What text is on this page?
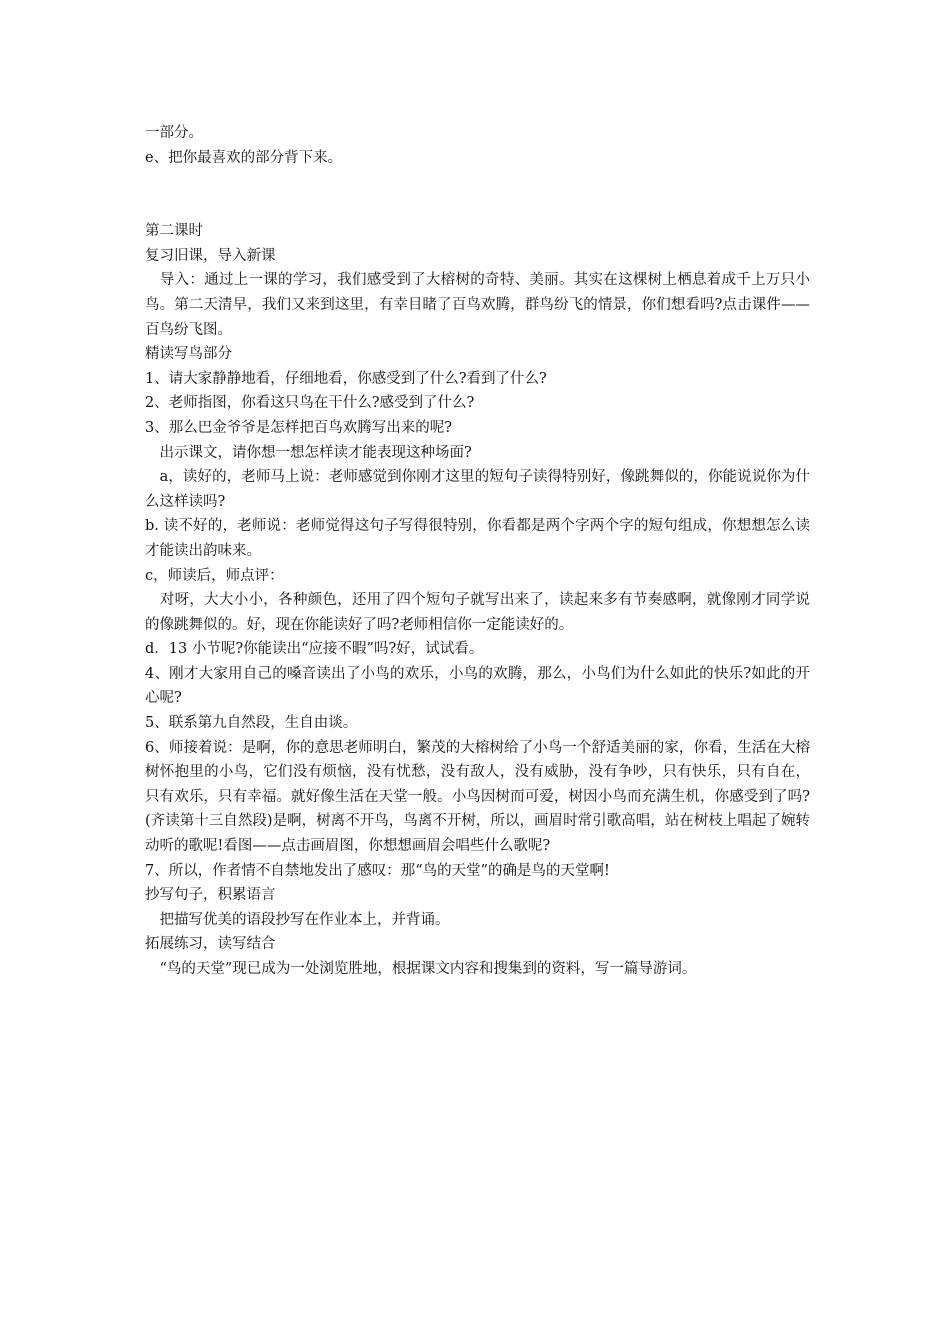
一部分。
e、把你最喜欢的部分背下来。
第二课时
复习旧课，导入新课
　导入：通过上一课的学习，我们感受到了大榕树的奇特、美丽。其实在这棵树上栖息着成千上万只小鸟。第二天清早，我们又来到这里，有幸目睹了百鸟欢腾，群鸟纷飞的情景，你们想看吗?点击课件——百鸟纷飞图。
精读写鸟部分
1、请大家静静地看，仔细地看，你感受到了什么?看到了什么?
2、老师指图，你看这只鸟在干什么?感受到了什么?
3、那么巴金爷爷是怎样把百鸟欢腾写出来的呢?
　出示课文，请你想一想怎样读才能表现这种场面?
　a，读好的，老师马上说：老师感觉到你刚才这里的短句子读得特别好，像跳舞似的，你能说说你为什么这样读吗?
b. 读不好的，老师说：老师觉得这句子写得很特别，你看都是两个字两个字的短句组成，你想想怎么读才能读出韵味来。
c，师读后，师点评：
　对呀，大大小小，各种颜色，还用了四个短句子就写出来了，读起来多有节奏感啊，就像刚才同学说的像跳舞似的。好，现在你能读好了吗?老师相信你一定能读好的。
d．13 小节呢?你能读出“应接不暇”吗?好，试试看。
4、刚才大家用自己的嗓音读出了小鸟的欢乐，小鸟的欢腾，那么，小鸟们为什么如此的快乐?如此的开心呢?
5、联系第九自然段，生自由谈。
6、师接着说：是啊，你的意思老师明白，繁茂的大榕树给了小鸟一个舒适美丽的家，你看，生活在大榕树怀抱里的小鸟，它们没有烦恼，没有忧愁，没有敌人，没有威胁，没有争吵，只有快乐，只有自在，只有欢乐，只有幸福。就好像生活在天堂一般。小鸟因树而可爱，树因小鸟而充满生机，你感受到了吗?(齐读第十三自然段)是啊，树离不开鸟，鸟离不开树，所以，画眉时常引歌高唱，站在树枝上唱起了婉转动听的歌呢!看图——点击画眉图，你想想画眉会唱些什么歌呢?
7、所以，作者情不自禁地发出了感叹：那“鸟的天堂”的确是鸟的天堂啊!
抄写句子，积累语言
　把描写优美的语段抄写在作业本上，并背诵。
拓展练习，读写结合
　“鸟的天堂”现已成为一处浏览胜地，根据课文内容和搜集到的资料，写一篇导游词。
